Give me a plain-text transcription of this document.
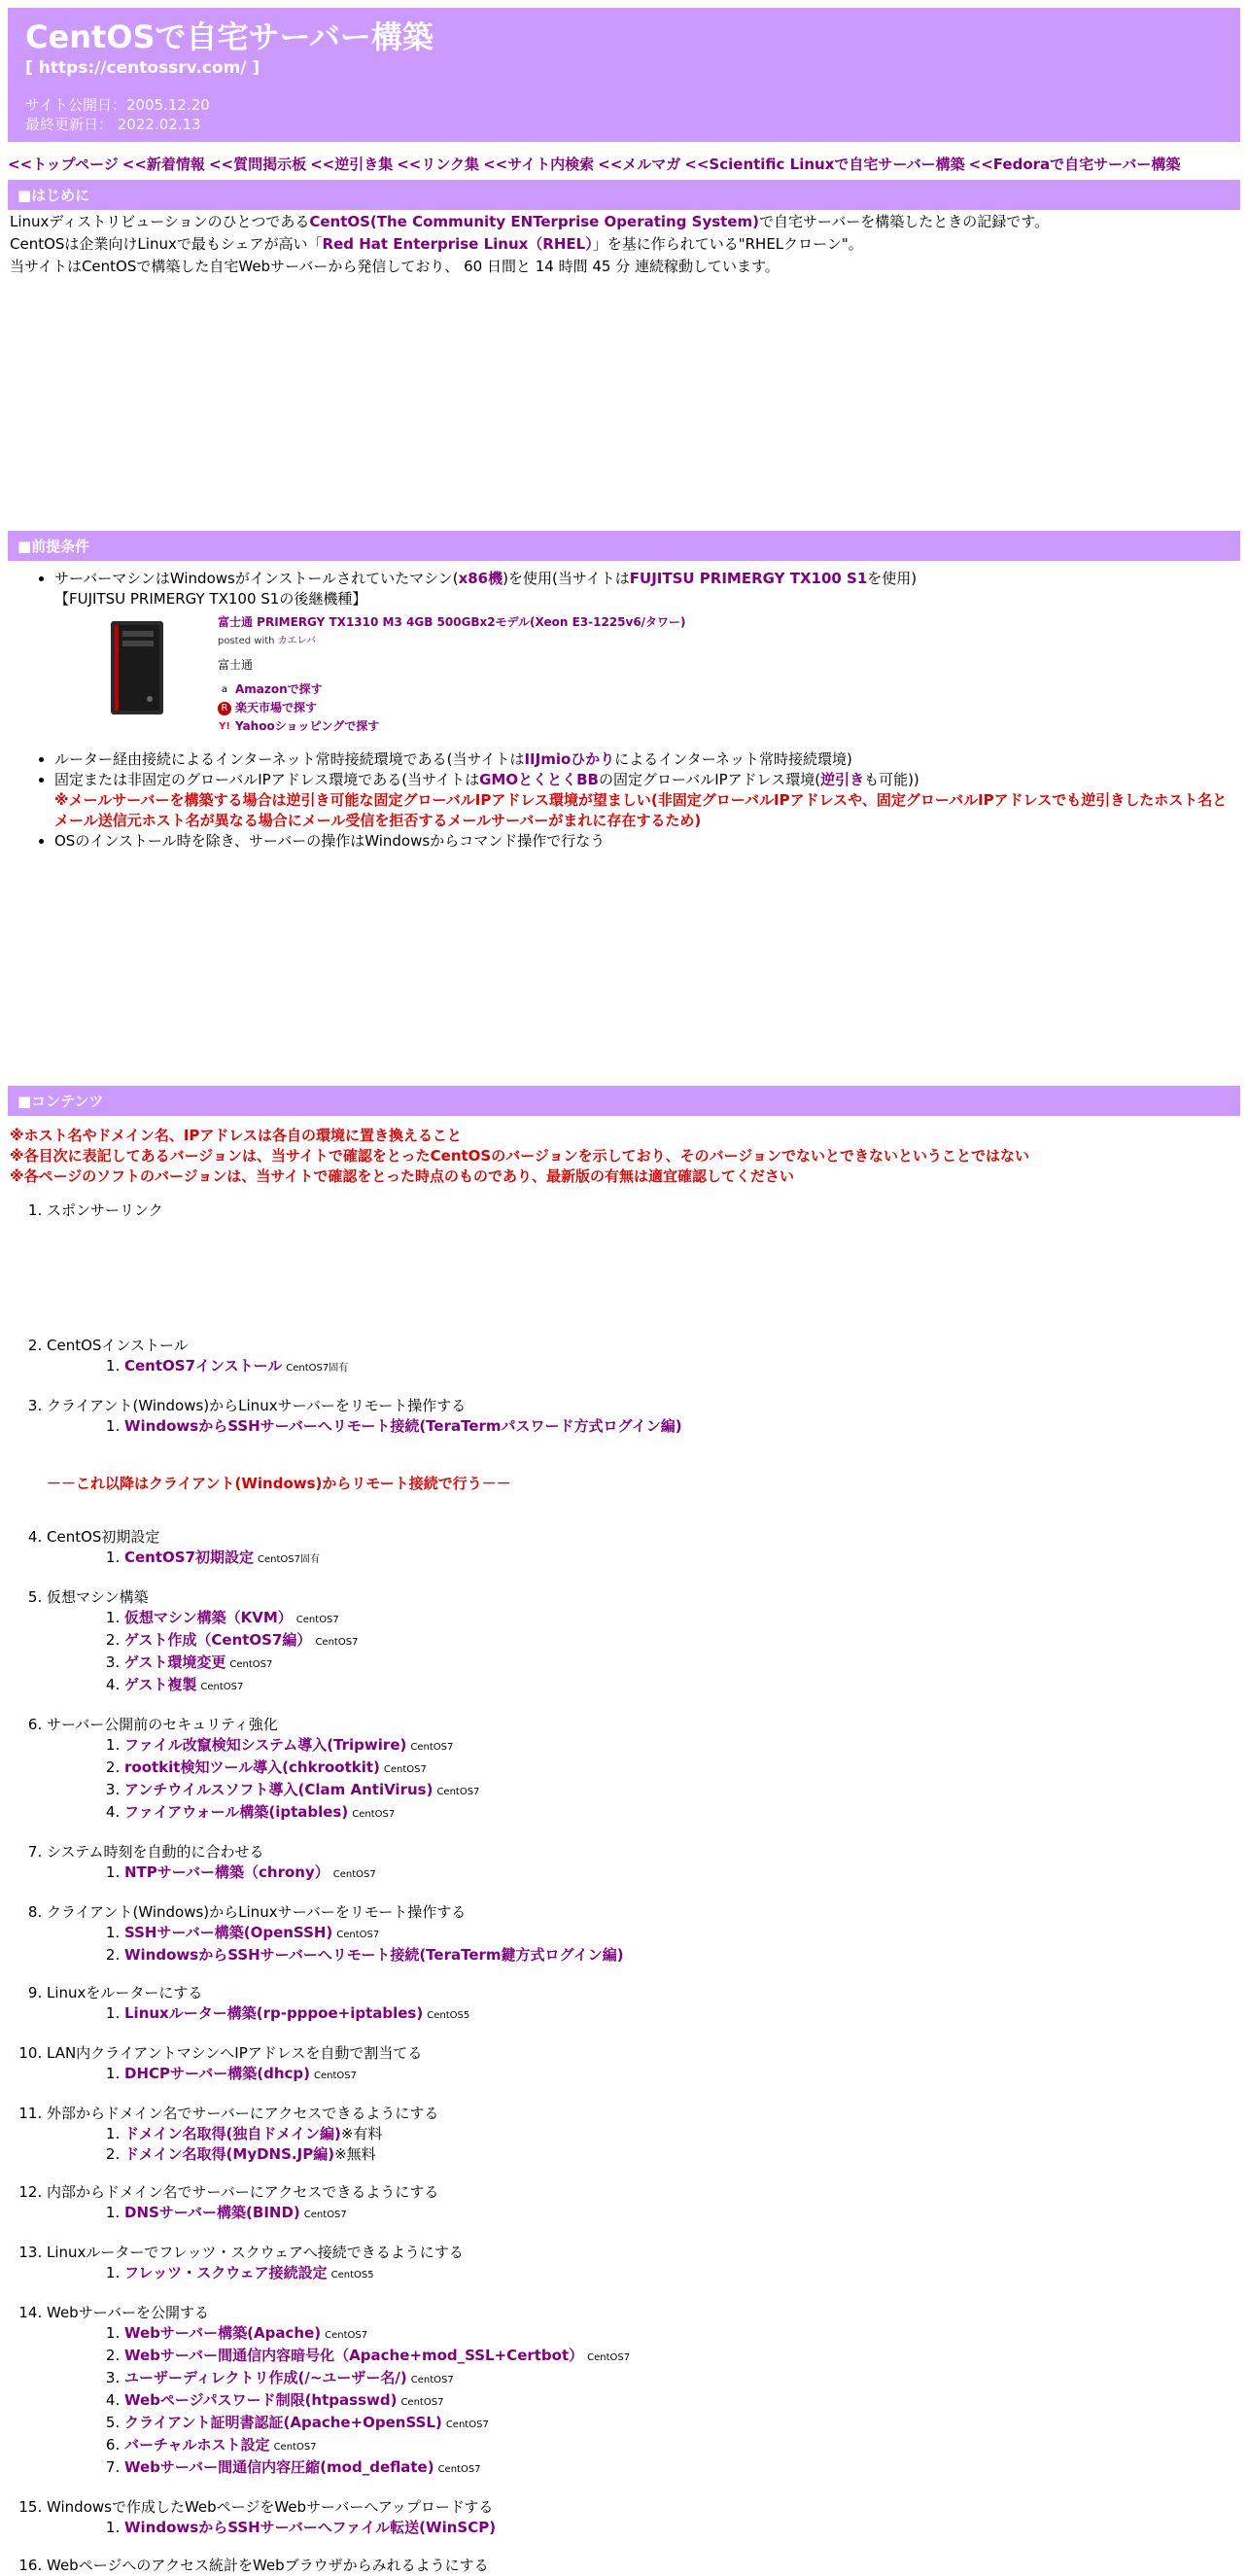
CentOSで自宅サーバー構築
[ https://centossrv.com/ ]
サイト公開日：2005.12.20
最終更新日： 2022.02.13
<<トップページ <<新着情報 <<質問掲示板 <<逆引き集 <<リンク集 <<サイト内検索 <<メルマガ <<Scientific Linuxで自宅サーバー構築 <<Fedoraで自宅サーバー構築
■はじめに

LinuxディストリビューションのひとつであるCentOS(The Community ENTerprise Operating System)で自宅サーバーを構築したときの記録です。

CentOSは企業向けLinuxで最もシェアが高い「Red Hat Enterprise Linux（RHEL）」を基に作られている"RHELクローン"。

当サイトはCentOSで構築した自宅Webサーバーから発信しており、 60 日間と 14 時間 45 分 連続稼動しています。

■前提条件
• サーバーマシンはWindowsがインストールされていたマシン(x86機)を使用(当サイトはFUJITSU PRIMERGY TX100 S1を使用)
【FUJITSU PRIMERGY TX100 S1の後継機種】
富士通 PRIMERGY TX1310 M3 4GB 500GBx2モデル(Xeon E3-1225v6/タワー)
posted with カエレバ
富士通
a Amazonで探す
R 楽天市場で探す
Y! Yahooショッピングで探す
• ルーター経由接続によるインターネット常時接続環境である(当サイトはIIJmioひかりによるインターネット常時接続環境)
• 固定または非固定のグローバルIPアドレス環境である(当サイトはGMOとくとくBBの固定グローバルIPアドレス環境(逆引きも可能))
※メールサーバーを構築する場合は逆引き可能な固定グローバルIPアドレス環境が望ましい(非固定グローバルIPアドレスや、固定グローバルIPアドレスでも逆引きしたホスト名とメール送信元ホスト名が異なる場合にメール受信を拒否するメールサーバーがまれに存在するため)
• OSのインストール時を除き、サーバーの操作はWindowsからコマンド操作で行なう
■コンテンツ
※ホスト名やドメイン名、IPアドレスは各自の環境に置き換えること
※各目次に表記してあるバージョンは、当サイトで確認をとったCentOSのバージョンを示しており、そのバージョンでないとできないということではない
※各ページのソフトのバージョンは、当サイトで確認をとった時点のものであり、最新版の有無は適宜確認してください
1. スポンサーリンク
2. CentOSインストール
1. CentOS7インストール CentOS7固有
3. クライアント(Windows)からLinuxサーバーをリモート操作する
1. WindowsからSSHサーバーへリモート接続(TeraTermパスワード方式ログイン編)
－－これ以降はクライアント(Windows)からリモート接続で行う－－
4. CentOS初期設定
1. CentOS7初期設定 CentOS7固有
5. 仮想マシン構築
1. 仮想マシン構築（KVM） CentOS7
2. ゲスト作成（CentOS7編） CentOS7
3. ゲスト環境変更 CentOS7
4. ゲスト複製 CentOS7
6. サーバー公開前のセキュリティ強化
1. ファイル改竄検知システム導入(Tripwire) CentOS7
2. rootkit検知ツール導入(chkrootkit) CentOS7
3. アンチウイルスソフト導入(Clam AntiVirus) CentOS7
4. ファイアウォール構築(iptables) CentOS7
7. システム時刻を自動的に合わせる
1. NTPサーバー構築（chrony） CentOS7
8. クライアント(Windows)からLinuxサーバーをリモート操作する
1. SSHサーバー構築(OpenSSH) CentOS7
2. WindowsからSSHサーバーへリモート接続(TeraTerm鍵方式ログイン編)
9. Linuxをルーターにする
1. Linuxルーター構築(rp-pppoe+iptables) CentOS5
10. LAN内クライアントマシンへIPアドレスを自動で割当てる
1. DHCPサーバー構築(dhcp) CentOS7
11. 外部からドメイン名でサーバーにアクセスできるようにする
1. ドメイン名取得(独自ドメイン編)※有料
2. ドメイン名取得(MyDNS.JP編)※無料
12. 内部からドメイン名でサーバーにアクセスできるようにする
1. DNSサーバー構築(BIND) CentOS7
13. Linuxルーターでフレッツ・スクウェアへ接続できるようにする
1. フレッツ・スクウェア接続設定 CentOS5
14. Webサーバーを公開する
1. Webサーバー構築(Apache) CentOS7
2. Webサーバー間通信内容暗号化（Apache+mod_SSL+Certbot） CentOS7
3. ユーザーディレクトリ作成(/~ユーザー名/) CentOS7
4. Webページパスワード制限(htpasswd) CentOS7
5. クライアント証明書認証(Apache+OpenSSL) CentOS7
6. バーチャルホスト設定 CentOS7
7. Webサーバー間通信内容圧縮(mod_deflate) CentOS7
15. Windowsで作成したWebページをWebサーバーへアップロードする
1. WindowsからSSHサーバーへファイル転送(WinSCP)
16. Webページへのアクセス統計をWebブラウザからみれるようにする
